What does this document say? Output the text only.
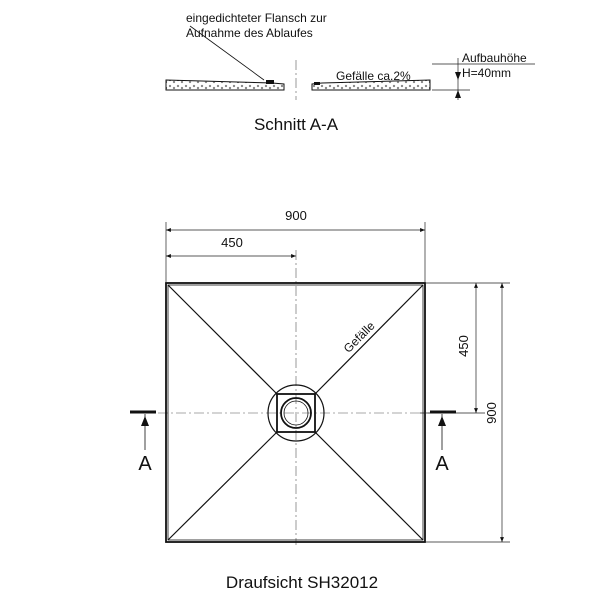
eingedichteter Flansch zur
Aufnahme des Ablaufes
Gefälle ca.2%
Aufbauhöhe
H=40mm
Schnitt A-A
900
450
Gefälle	450
900
A	A
Draufsicht SH32012
